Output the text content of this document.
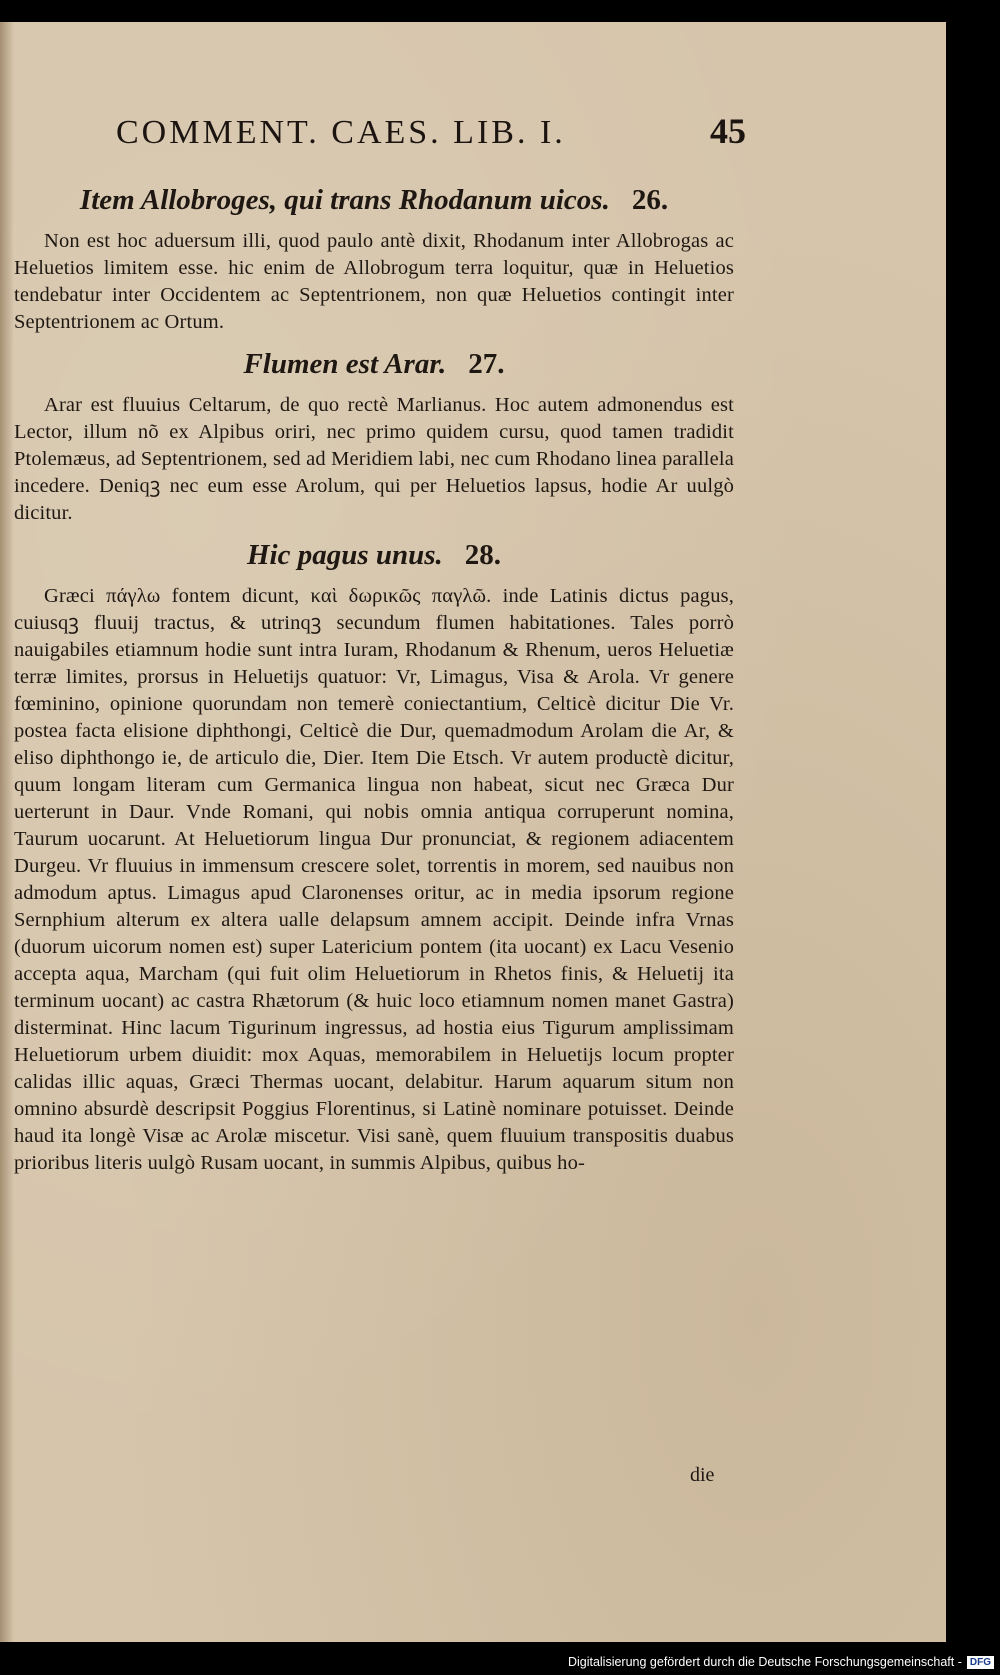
COMMENT. CAES. LIB. I.	45
Item Allobroges, qui trans Rhodanum uicos. 26.

Non est hoc aduersum illi, quod paulo antè dixit, Rhodanum inter Allobrogas ac Heluetios limitem esse. hic enim de Allobrogum terra loquitur, quæ in Heluetios tendebatur inter Occidentem ac Septentrionem, non quæ Heluetios contingit inter Septentrionem ac Ortum.

Flumen est Arar. 27.

Arar est fluuius Celtarum, de quo rectè Marlianus. Hoc autem admonendus est Lector, illum nõ ex Alpibus oriri, nec primo quidem cursu, quod tamen tradidit Ptolemæus, ad Septentrionem, sed ad Meridiem labi, nec cum Rhodano linea parallela incedere. Deniqꝫ nec eum esse Arolum, qui per Heluetios lapsus, hodie Ar uulgò dicitur.

Hic pagus unus. 28.

Græci πάγλω fontem dicunt, καὶ δωρικῶς παγλῶ. inde Latinis dictus pagus, cuiusqꝫ fluuij tractus, & utrinqꝫ secundum flumen habitationes. Tales porrò nauigabiles etiamnum hodie sunt intra Iuram, Rhodanum & Rhenum, ueros Heluetiæ terræ limites, prorsus in Heluetijs quatuor: Vr, Limagus, Visa & Arola. Vr genere fœminino, opinione quorundam non temerè coniectantium, Celticè dicitur Die Vr. postea facta elisione diphthongi, Celticè die Dur, quemadmodum Arolam die Ar, & eliso diphthongo ie, de articulo die, Dier. Item Die Etsch. Vr autem productè dicitur, quum longam literam cum Germanica lingua non habeat, sicut nec Græca Dur uerterunt in Daur. Vnde Romani, qui nobis omnia antiqua corruperunt nomina, Taurum uocarunt. At Heluetiorum lingua Dur pronunciat, & regionem adiacentem Durgeu. Vr fluuius in immensum crescere solet, torrentis in morem, sed nauibus non admodum aptus. Limagus apud Claronenses oritur, ac in media ipsorum regione Sernphium alterum ex altera ualle delapsum amnem accipit. Deinde infra Vrnas (duorum uicorum nomen est) super Latericium pontem (ita uocant) ex Lacu Vesenio accepta aqua, Marcham (qui fuit olim Heluetiorum in Rhetos finis, & Heluetij ita terminum uocant) ac castra Rhætorum (& huic loco etiamnum nomen manet Gastra) disterminat. Hinc lacum Tigurinum ingressus, ad hostia eius Tigurum amplissimam Heluetiorum urbem diuidit: mox Aquas, memorabilem in Heluetijs locum propter calidas illic aquas, Græci Thermas uocant, delabitur. Harum aquarum situm non omnino absurdè descripsit Poggius Florentinus, si Latinè nominare potuisset. Deinde haud ita longè Visæ ac Arolæ miscetur. Visi sanè, quem fluuium transpositis duabus prioribus literis uulgò Rusam uocant, in summis Alpibus, quibus ho-

die
Digitalisierung gefördert durch die Deutsche Forschungsgemeinschaft - DFG
